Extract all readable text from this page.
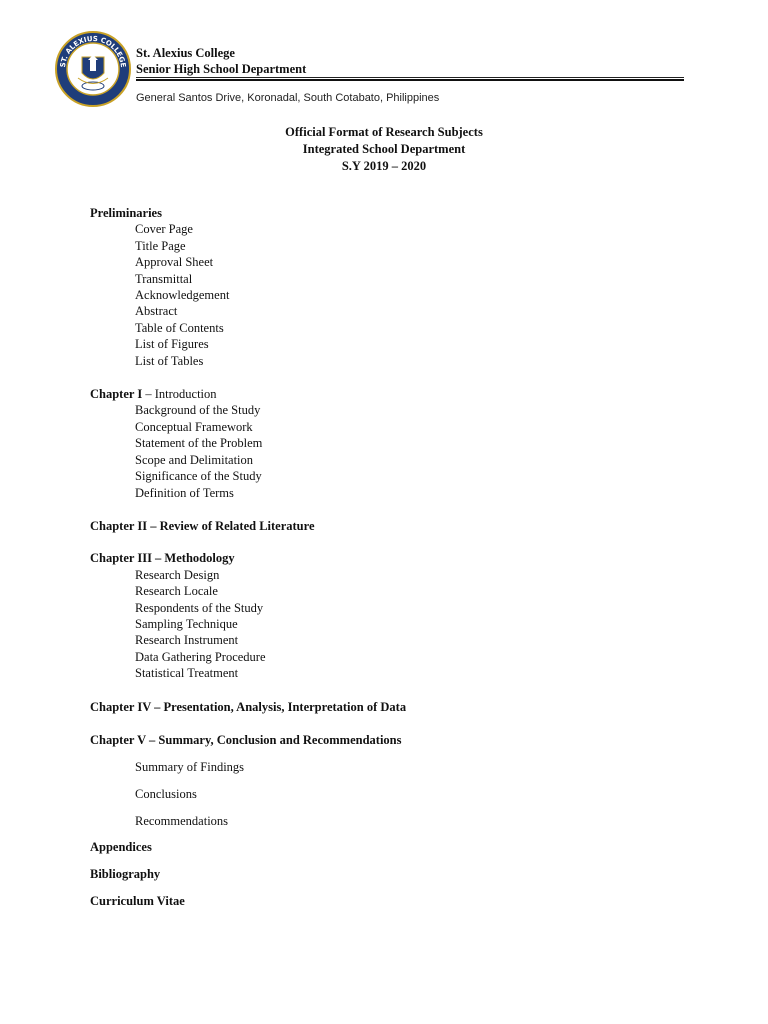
ST. ALEXIUS COLLEGE
St. Alexius College
Senior High School Department
General Santos Drive, Koronadal, South Cotabato, Philippines
Official Format of Research Subjects
Integrated School Department
S.Y 2019 – 2020
Preliminaries
Cover Page
Title Page
Approval Sheet
Transmittal
Acknowledgement
Abstract
Table of Contents
List of Figures
List of Tables
Chapter I – Introduction
Background of the Study
Conceptual Framework
Statement of the Problem
Scope and Delimitation
Significance of the Study
Definition of Terms
Chapter II – Review of Related Literature
Chapter III – Methodology
Research Design
Research Locale
Respondents of the Study
Sampling Technique
Research Instrument
Data Gathering Procedure
Statistical Treatment
Chapter IV – Presentation, Analysis, Interpretation of Data
Chapter V – Summary, Conclusion and Recommendations
Summary of Findings
Conclusions
Recommendations
Appendices
Bibliography
Curriculum Vitae
